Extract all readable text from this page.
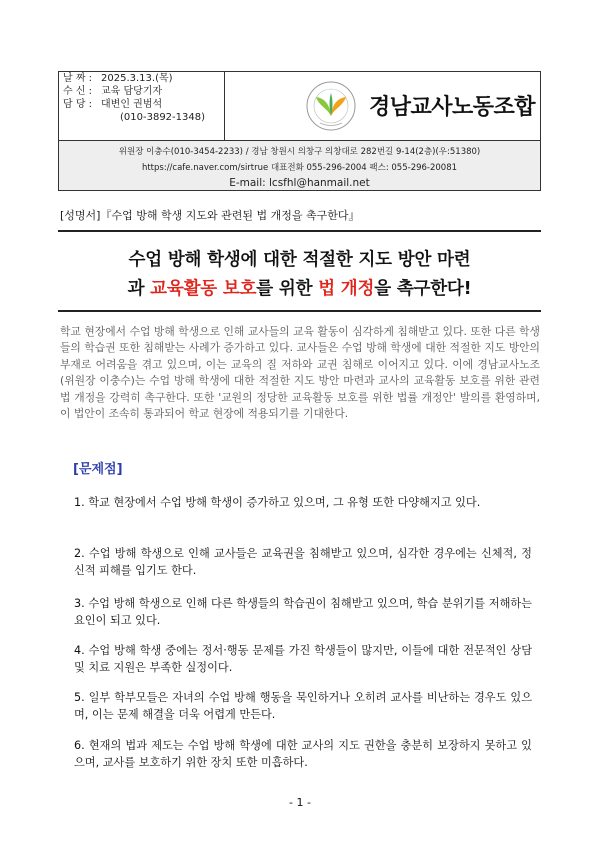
날 짜 : 2025.3.13.(목)
수 신 : 교육 담당기자
담 당 : 대변인 권범석
(010-3892-1348)	경남교사노동조합
위원장 이충수(010-3454-2233) / 경남 창원시 의창구 의창대로 282번길 9-14(2층)(우:51380)
https://cafe.naver.com/sirtrue 대표전화 055-296-2004 팩스: 055-296-20081
E-mail: lcsfhl@hanmail.net
[성명서]『수업 방해 학생 지도와 관련된 법 개정을 촉구한다』
수업 방해 학생에 대한 적절한 지도 방안 마련
과 교육활동 보호를 위한 법 개정을 촉구한다!
학교 현장에서 수업 방해 학생으로 인해 교사들의 교육 활동이 심각하게 침해받고 있다. 또한 다른 학생들의 학습권 또한 침해받는 사례가 증가하고 있다. 교사들은 수업 방해 학생에 대한 적절한 지도 방안의 부재로 어려움을 겪고 있으며, 이는 교육의 질 저하와 교권 침해로 이어지고 있다. 이에 경남교사노조(위원장 이충수)는 수업 방해 학생에 대한 적절한 지도 방안 마련과 교사의 교육활동 보호를 위한 관련 법 개정을 강력히 촉구한다. 또한 '교원의 정당한 교육활동 보호를 위한 법률 개정안' 발의를 환영하며, 이 법안이 조속히 통과되어 학교 현장에 적용되기를 기대한다.
[문제점]
1. 학교 현장에서 수업 방해 학생이 증가하고 있으며, 그 유형 또한 다양해지고 있다.
2. 수업 방해 학생으로 인해 교사들은 교육권을 침해받고 있으며, 심각한 경우에는 신체적, 정신적 피해를 입기도 한다.
3. 수업 방해 학생으로 인해 다른 학생들의 학습권이 침해받고 있으며, 학습 분위기를 저해하는 요인이 되고 있다.
4. 수업 방해 학생 중에는 정서·행동 문제를 가진 학생들이 많지만, 이들에 대한 전문적인 상담 및 치료 지원은 부족한 실정이다.
5. 일부 학부모들은 자녀의 수업 방해 행동을 묵인하거나 오히려 교사를 비난하는 경우도 있으며, 이는 문제 해결을 더욱 어렵게 만든다.
6. 현재의 법과 제도는 수업 방해 학생에 대한 교사의 지도 권한을 충분히 보장하지 못하고 있으며, 교사를 보호하기 위한 장치 또한 미흡하다.
- 1 -
